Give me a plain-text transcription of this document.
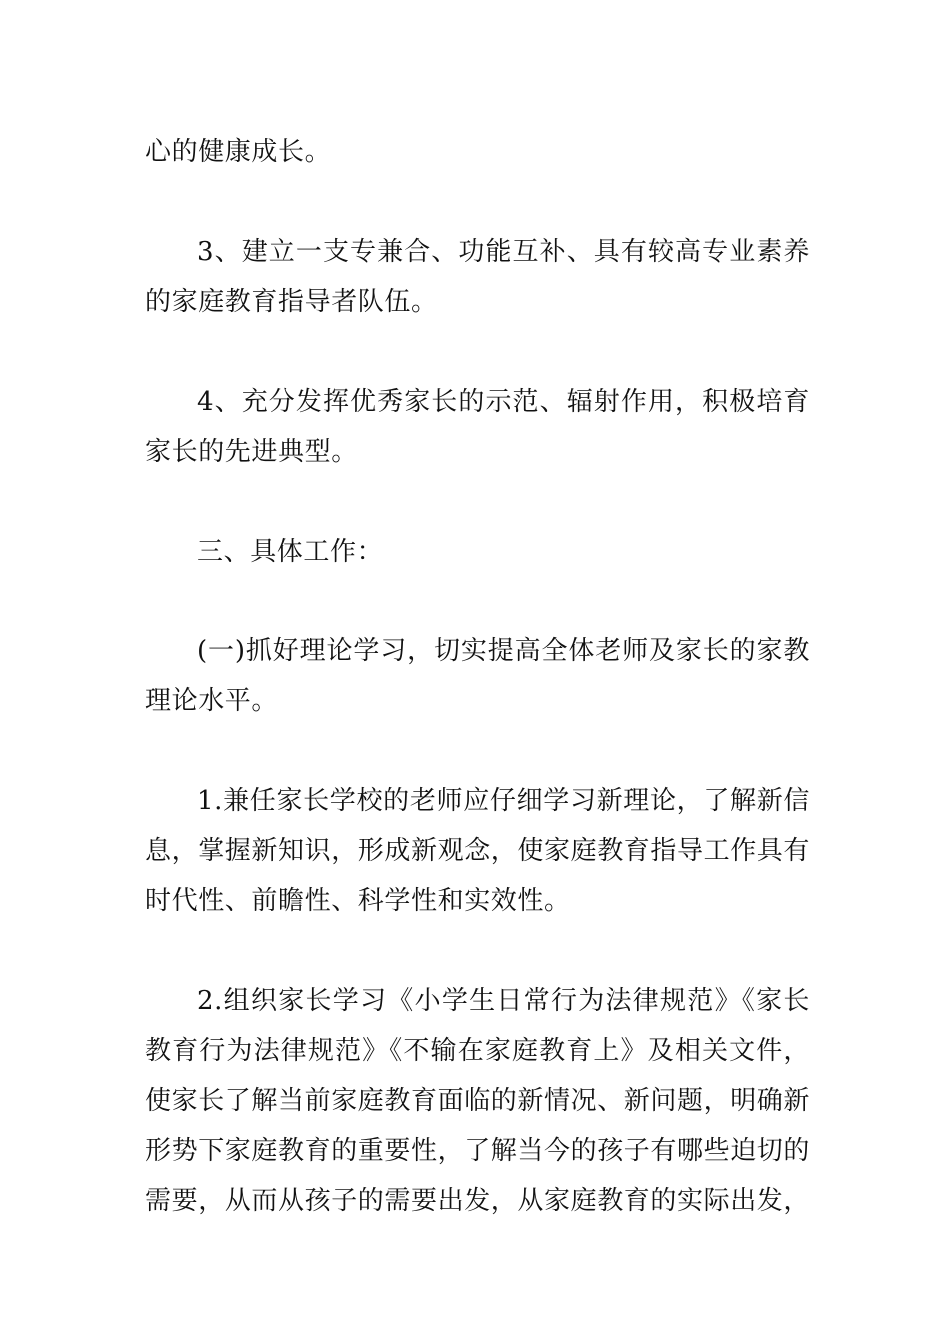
心的健康成长。

3、建立一支专兼合、功能互补、具有较高专业素养的家庭教育指导者队伍。

4、充分发挥优秀家长的示范、辐射作用，积极培育家长的先进典型。

三、具体工作：

(一)抓好理论学习，切实提高全体老师及家长的家教理论水平。

1.兼任家长学校的老师应仔细学习新理论，了解新信息，掌握新知识，形成新观念，使家庭教育指导工作具有时代性、前瞻性、科学性和实效性。

2.组织家长学习《小学生日常行为法律规范》《家长教育行为法律规范》《不输在家庭教育上》及相关文件，使家长了解当前家庭教育面临的新情况、新问题，明确新形势下家庭教育的重要性，了解当今的孩子有哪些迫切的需要，从而从孩子的需要出发，从家庭教育的实际出发，
